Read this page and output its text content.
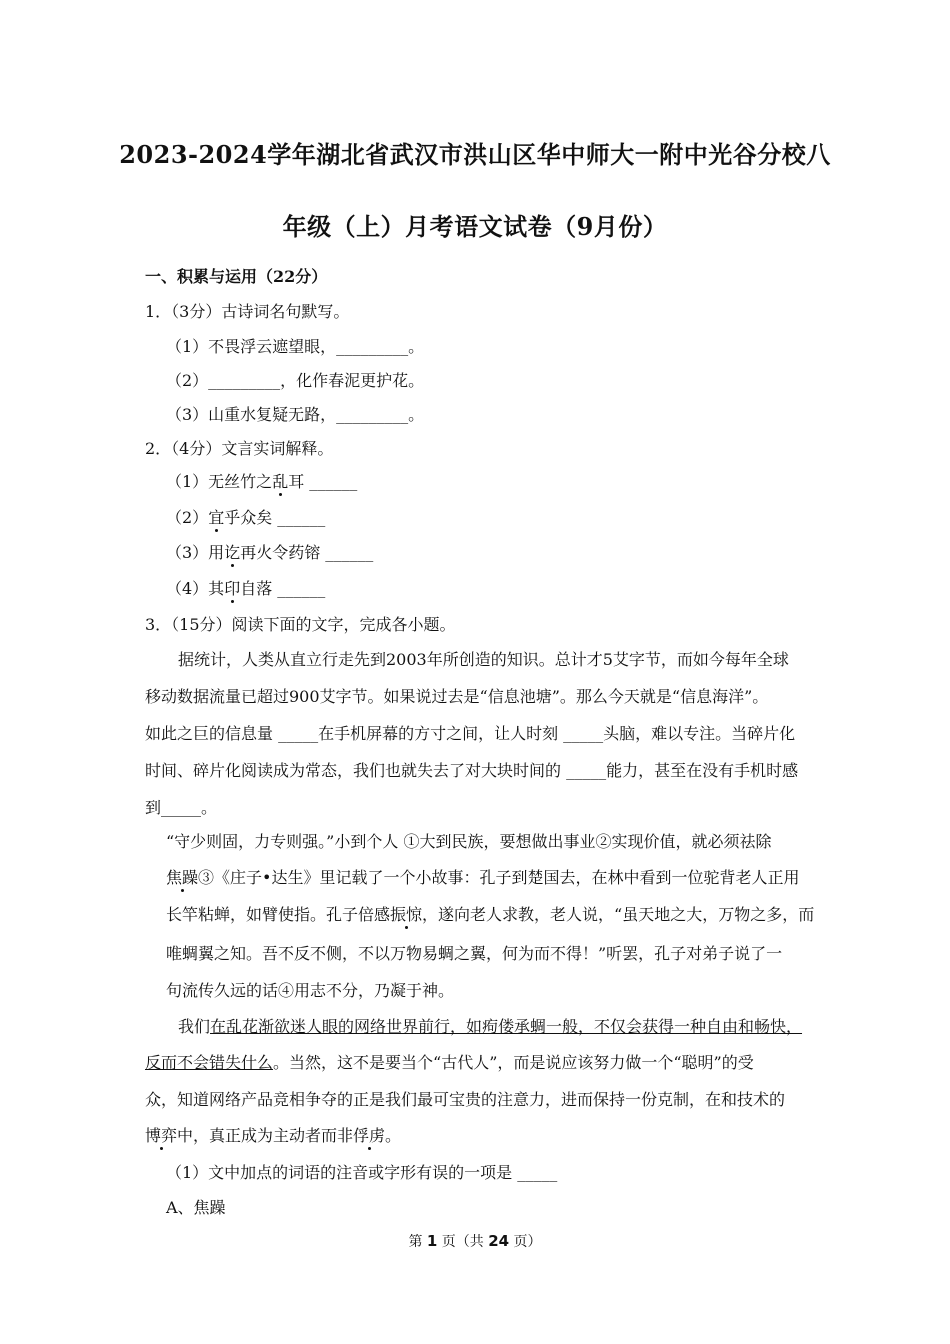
2023-2024学年湖北省武汉市洪山区华中师大一附中光谷分校八
年级（上）月考语文试卷（9月份）
一、积累与运用（22分）
1．（3分）古诗词名句默写。
（1）不畏浮云遮望眼，_________。
（2）_________，化作春泥更护花。
（3）山重水复疑无路，_________。
2．（4分）文言实词解释。
（1）无丝竹之乱耳 ______
（2）宜乎众矣 ______
（3）用讫再火令药镕 ______
（4）其印自落 ______
3．（15分）阅读下面的文字，完成各小题。
据统计，人类从直立行走先到2003年所创造的知识。总计才5艾字节，而如今每年全球
移动数据流量已超过900艾字节。如果说过去是“信息池塘”。那么今天就是“信息海洋”。
如此之巨的信息量 _____在手机屏幕的方寸之间，让人时刻 _____头脑，难以专注。当碎片化
时间、碎片化阅读成为常态，我们也就失去了对大块时间的 _____能力，甚至在没有手机时感
到_____。
“守少则固，力专则强。”小到个人 ①大到民族，要想做出事业②实现价值，就必须祛除
焦躁③《庄子•达生》里记载了一个小故事：孔子到楚国去，在林中看到一位驼背老人正用
长竿粘蝉，如臂使指。孔子倍感振惊，遂向老人求教，老人说，“虽天地之大，万物之多，而
唯蜩翼之知。吾不反不侧，不以万物易蜩之翼，何为而不得！”听罢，孔子对弟子说了一
句流传久远的话④用志不分，乃凝于神。
我们在乱花渐欲迷人眼的网络世界前行，如痀偻承蜩一般，不仅会获得一种自由和畅快，
反而不会错失什么。当然，这不是要当个“古代人”，而是说应该努力做一个“聪明”的受
众，知道网络产品竞相争夺的正是我们最可宝贵的注意力，进而保持一份克制，在和技术的
博弈中，真正成为主动者而非俘虏。
（1）文中加点的词语的注音或字形有误的一项是 _____
A、焦躁
第 1 页（共 24 页）
